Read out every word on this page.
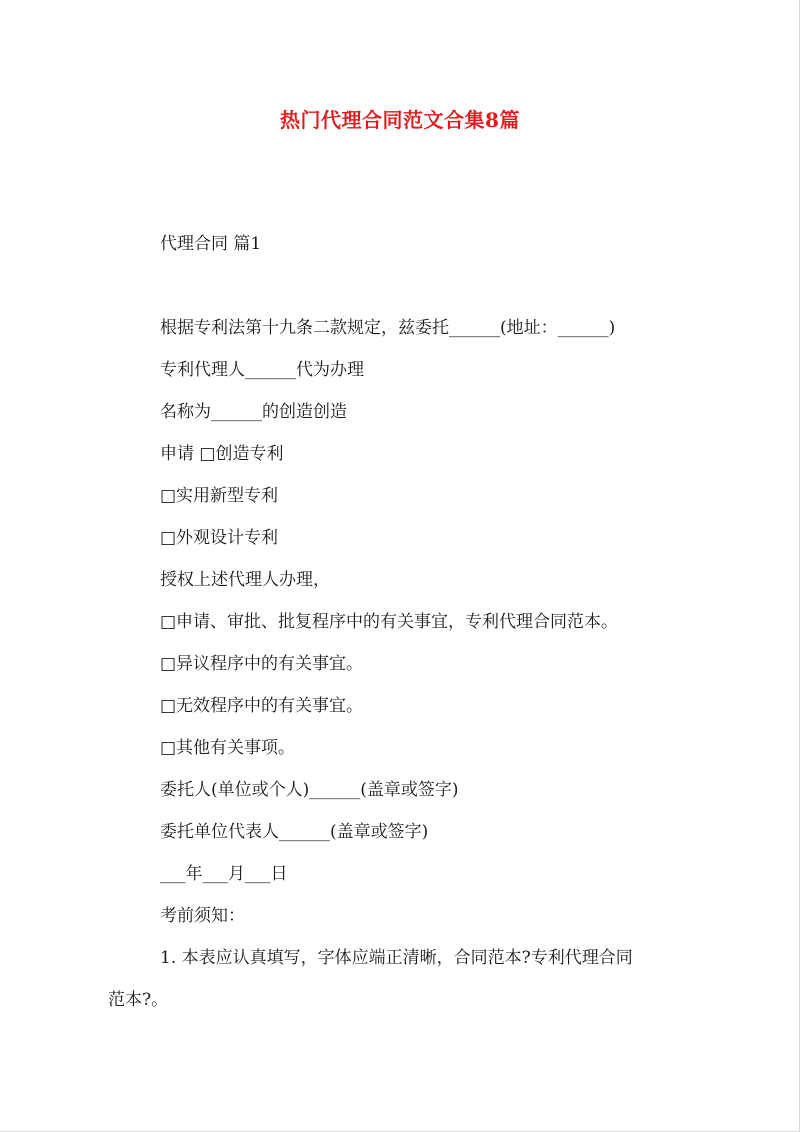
热门代理合同范文合集8篇
代理合同 篇1
根据专利法第十九条二款规定，兹委托______(地址：______)
专利代理人______代为办理
名称为______的创造创造
申请 □创造专利
□实用新型专利
□外观设计专利
授权上述代理人办理，
□申请、审批、批复程序中的有关事宜，专利代理合同范本。
□异议程序中的有关事宜。
□无效程序中的有关事宜。
□其他有关事项。
委托人(单位或个人)______(盖章或签字)
委托单位代表人______(盖章或签字)
___年___月___日
考前须知：
1. 本表应认真填写，字体应端正清晰，合同范本?专利代理合同
范本?。
